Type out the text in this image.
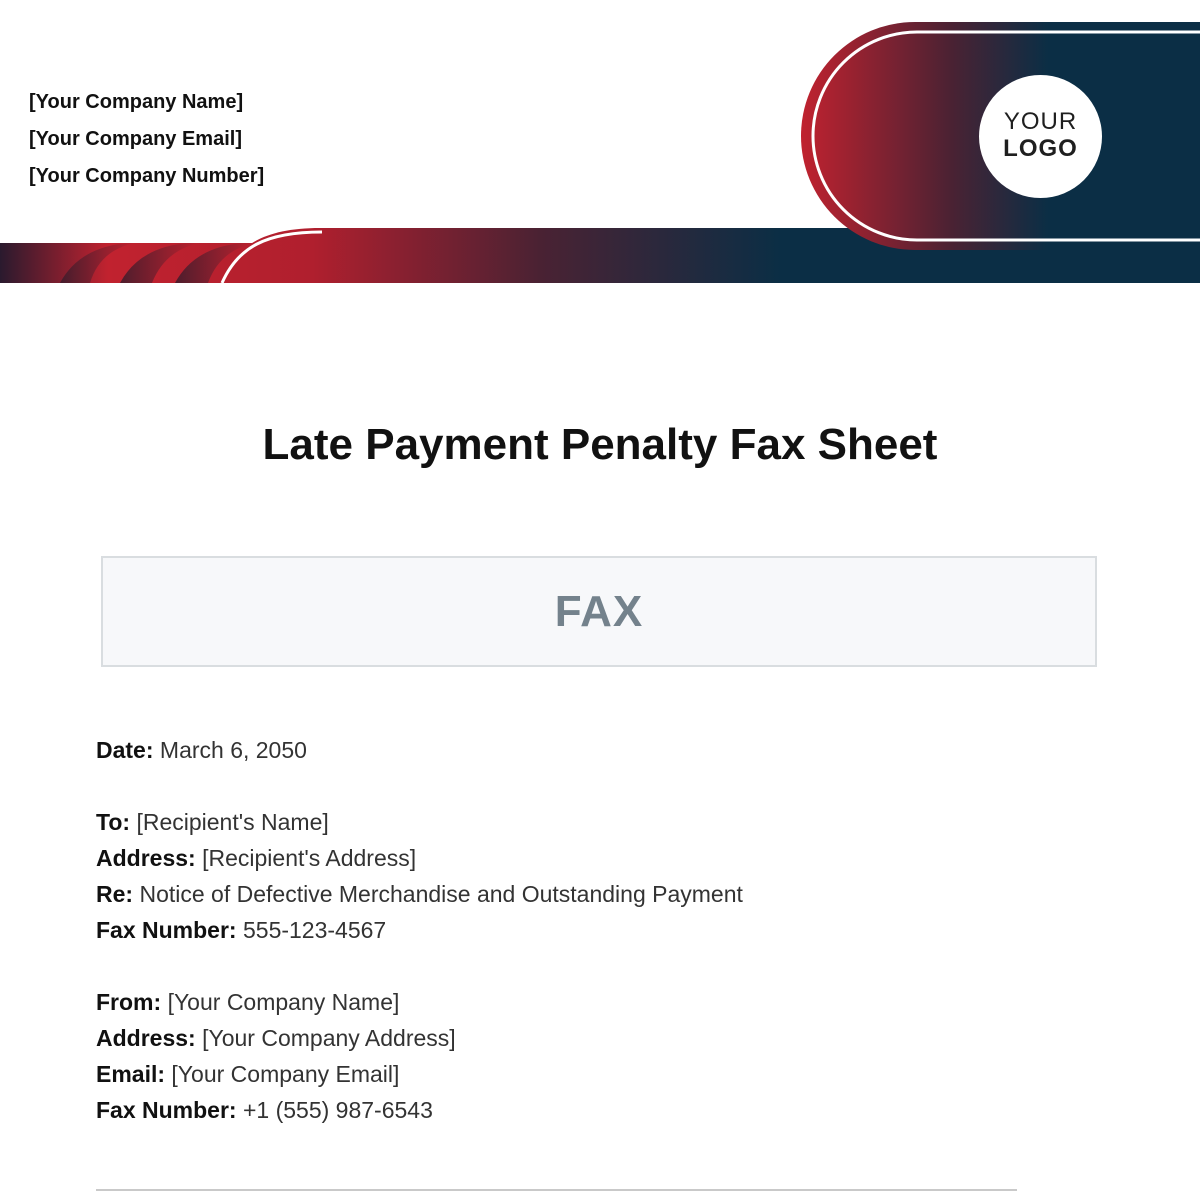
[Your Company Name]
[Your Company Email]
[Your Company Number]
YOUR
LOGO
Late Payment Penalty Fax Sheet
FAX
Date: March 6, 2050
To: [Recipient's Name]
Address: [Recipient's Address]
Re: Notice of Defective Merchandise and Outstanding Payment
Fax Number: 555-123-4567
From: [Your Company Name]
Address: [Your Company Address]
Email: [Your Company Email]
Fax Number: +1 (555) 987-6543
